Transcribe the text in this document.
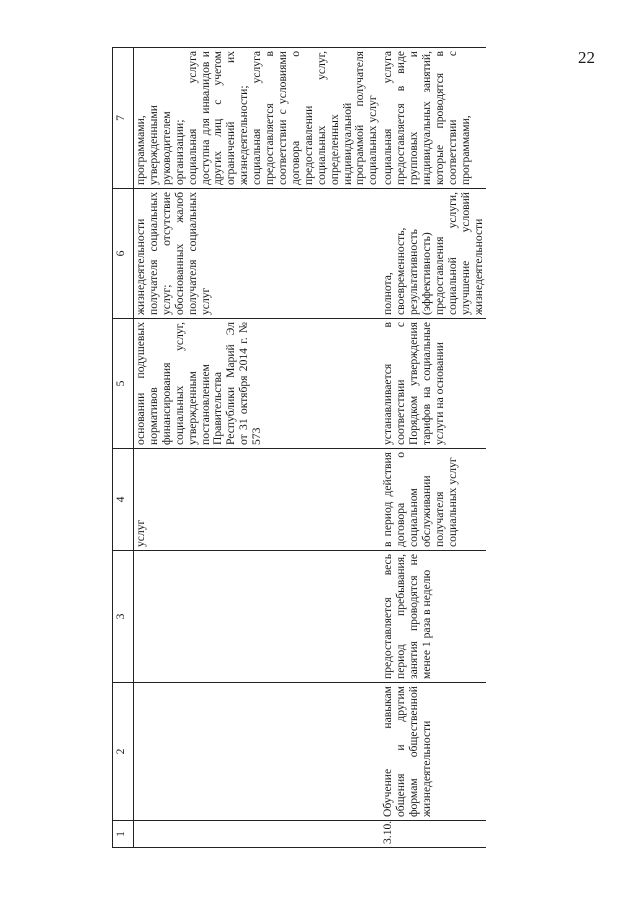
22
1	2	3	4	5	6	7
			услуг	основании подушевых нормативов финансирования социальных услуг, утвержденным постановлением Правительства Республики Марий Эл от 31 октября 2014 г. № 573	жизнедеятельности получателя социальных услуг; отсутствие обоснованных жалоб получателя социальных услуг	программами, утвержденными руководителем организации; социальная услуга доступна для инвалидов и других лиц с учетом ограничений их жизнедеятельности; социальная услуга предоставляется в соответствии с условиями договора о предоставлении социальных услуг, определенных индивидуальной программой получателя социальных услуг

3.10.	Обучение навыкам общения и другим формам общественной жизнедеятельности	предоставляется весь период пребывания, занятия проводятся не менее 1 раза в неделю	в период действия договора о социальном обслуживании получателя социальных услуг	устанавливается в соответствии с Порядком утверждения тарифов на социальные услуги на основании	полнота, своевременность, результативность (эффективность) предоставления социальной услуги, улучшение условий жизнедеятельности	социальная услуга предоставляется в виде групповых и индивидуальных занятий, которые проводятся в соответствии с программами,
